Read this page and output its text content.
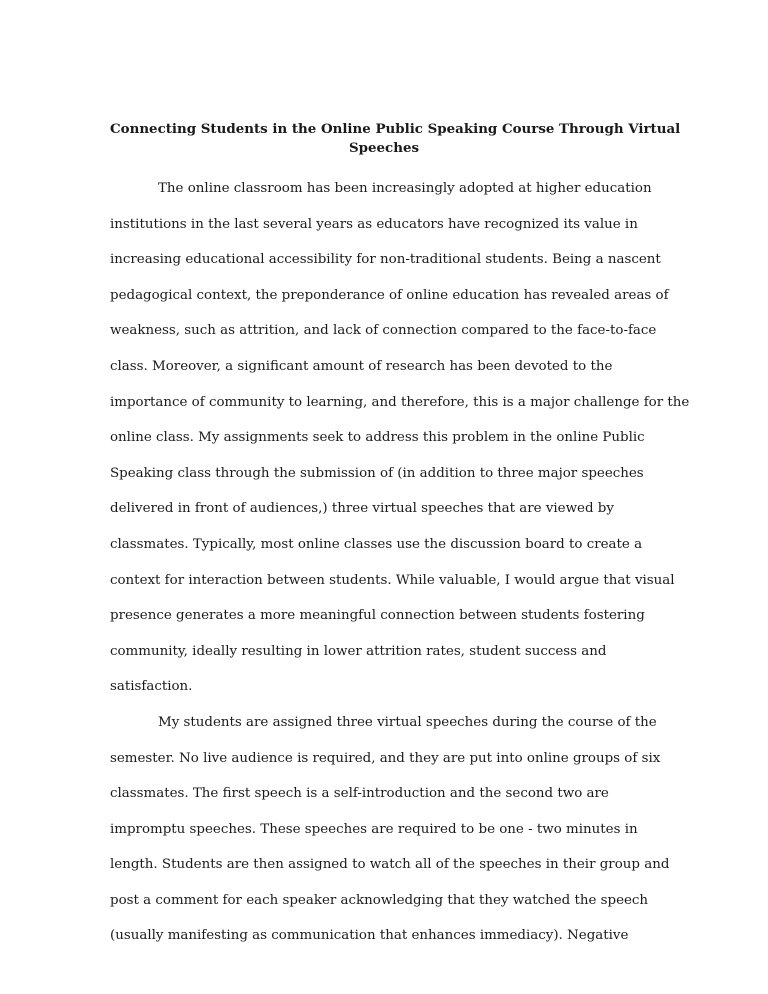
Connecting Students in the Online Public Speaking Course Through Virtual
Speeches

The online classroom has been increasingly adopted at higher education
institutions in the last several years as educators have recognized its value in
increasing educational accessibility for non-traditional students. Being a nascent
pedagogical context, the preponderance of online education has revealed areas of
weakness, such as attrition, and lack of connection compared to the face-to-face
class. Moreover, a significant amount of research has been devoted to the
importance of community to learning, and therefore, this is a major challenge for the
online class. My assignments seek to address this problem in the online Public
Speaking class through the submission of (in addition to three major speeches
delivered in front of audiences,) three virtual speeches that are viewed by
classmates. Typically, most online classes use the discussion board to create a
context for interaction between students. While valuable, I would argue that visual
presence generates a more meaningful connection between students fostering
community, ideally resulting in lower attrition rates, student success and
satisfaction.

My students are assigned three virtual speeches during the course of the
semester. No live audience is required, and they are put into online groups of six
classmates. The first speech is a self-introduction and the second two are
impromptu speeches. These speeches are required to be one - two minutes in
length. Students are then assigned to watch all of the speeches in their group and
post a comment for each speaker acknowledging that they watched the speech
(usually manifesting as communication that enhances immediacy). Negative
